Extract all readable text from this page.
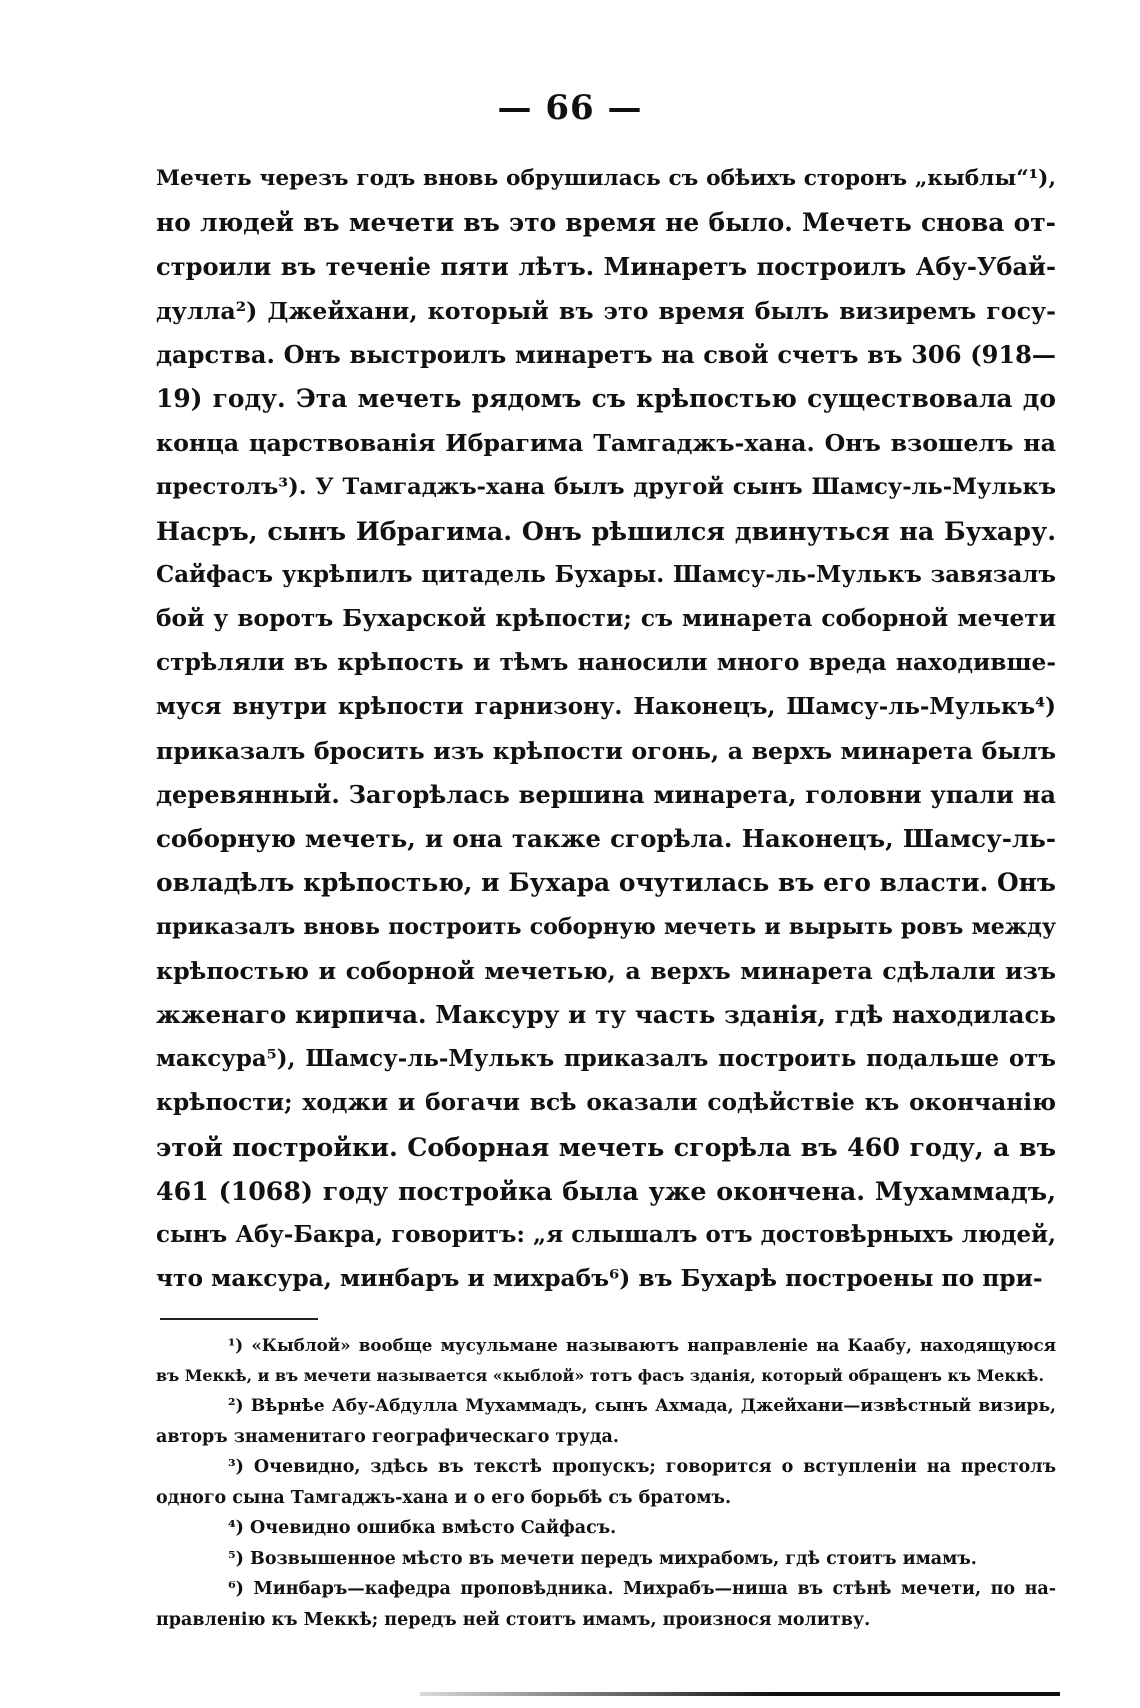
— 66 —
Мечеть черезъ годъ вновь обрушилась съ обѣихъ сторонъ „кыблы“¹),
но людей въ мечети въ это время не было. Мечеть снова от-
строили въ теченіе пяти лѣтъ. Минаретъ построилъ Абу-Убай-
дулла²) Джейхани, который въ это время былъ визиремъ госу-
дарства. Онъ выстроилъ минаретъ на свой счетъ въ 306 (918—
19) году. Эта мечеть рядомъ съ крѣпостью существовала до
конца царствованія Ибрагима Тамгаджъ-хана. Онъ взошелъ на
престолъ³). У Тамгаджъ-хана былъ другой сынъ Шамсу-ль-Мулькъ
Насръ, сынъ Ибрагима. Онъ рѣшился двинуться на Бухару.
Сайфасъ укрѣпилъ цитадель Бухары. Шамсу-ль-Мулькъ завязалъ
бой у воротъ Бухарской крѣпости; съ минарета соборной мечети
стрѣляли въ крѣпость и тѣмъ наносили много вреда находивше-
муся внутри крѣпости гарнизону. Наконецъ, Шамсу-ль-Мулькъ⁴)
приказалъ бросить изъ крѣпости огонь, а верхъ минарета былъ
деревянный. Загорѣлась вершина минарета, головни упали на
соборную мечеть, и она также сгорѣла. Наконецъ, Шамсу-ль-
овладѣлъ крѣпостью, и Бухара очутилась въ его власти. Онъ
приказалъ вновь построить соборную мечеть и вырыть ровъ между
крѣпостью и соборной мечетью, а верхъ минарета сдѣлали изъ
жженаго кирпича. Максуру и ту часть зданія, гдѣ находилась
максура⁵), Шамсу-ль-Мулькъ приказалъ построить подальше отъ
крѣпости; ходжи и богачи всѣ оказали содѣйствіе къ окончанію
этой постройки. Соборная мечеть сгорѣла въ 460 году, а въ
461 (1068) году постройка была уже окончена. Мухаммадъ,
сынъ Абу-Бакра, говоритъ: „я слышалъ отъ достовѣрныхъ людей,
что максура, минбаръ и михрабъ⁶) въ Бухарѣ построены по при-
¹) «Кыблой» вообще мусульмане называютъ направленіе на Каабу, находящуюся
въ Меккѣ, и въ мечети называется «кыблой» тотъ фасъ зданія, который обращенъ къ Меккѣ.
²) Вѣрнѣе Абу-Абдулла Мухаммадъ, сынъ Ахмада, Джейхани—извѣстный визирь,
авторъ знаменитаго географическаго труда.
³) Очевидно, здѣсь въ текстѣ пропускъ; говорится о вступленіи на престолъ
одного сына Тамгаджъ-хана и о его борьбѣ съ братомъ.
⁴) Очевидно ошибка вмѣсто Сайфасъ.
⁵) Возвышенное мѣсто въ мечети передъ михрабомъ, гдѣ стоитъ имамъ.
⁶) Минбаръ—кафедра проповѣдника. Михрабъ—ниша въ стѣнѣ мечети, по на-
правленію къ Меккѣ; передъ ней стоитъ имамъ, произнося молитву.
